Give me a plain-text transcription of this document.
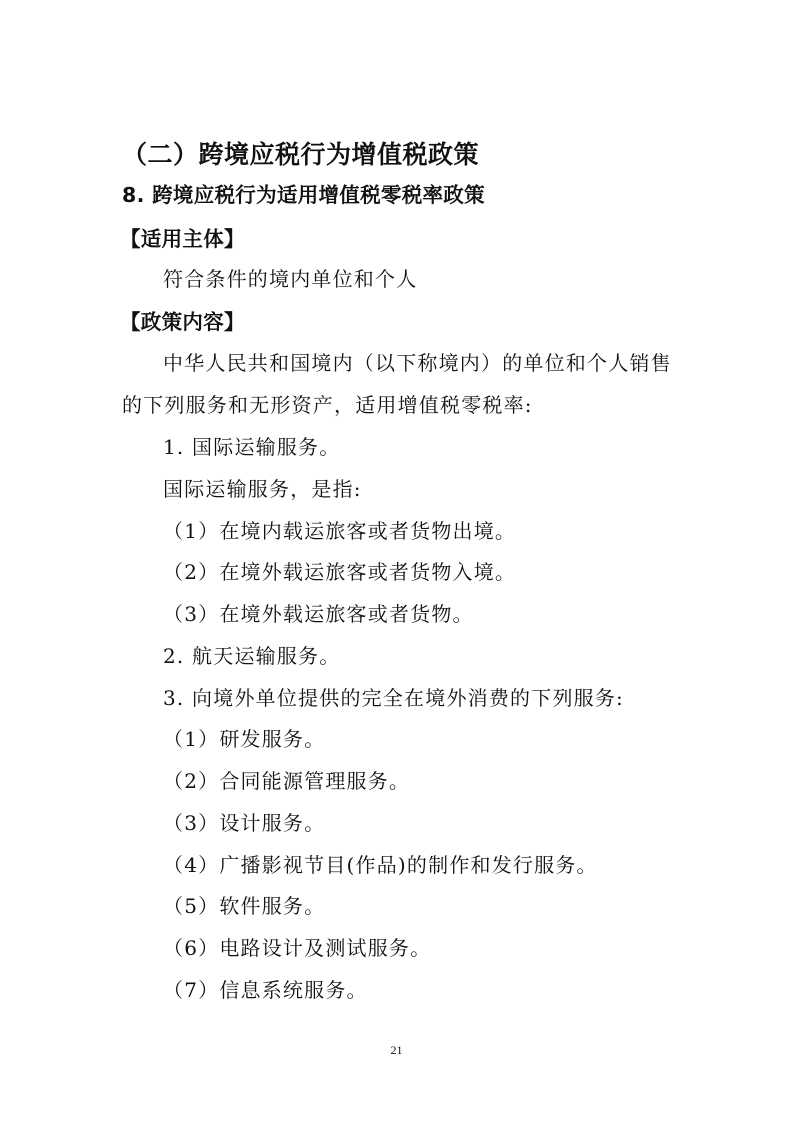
（二）跨境应税行为增值税政策
8. 跨境应税行为适用增值税零税率政策
【适用主体】
符合条件的境内单位和个人
【政策内容】
中华人民共和国境内（以下称境内）的单位和个人销售
的下列服务和无形资产，适用增值税零税率:
1. 国际运输服务。
国际运输服务，是指:
（1）在境内载运旅客或者货物出境。
（2）在境外载运旅客或者货物入境。
（3）在境外载运旅客或者货物。
2. 航天运输服务。
3. 向境外单位提供的完全在境外消费的下列服务:
（1）研发服务。
（2）合同能源管理服务。
（3）设计服务。
（4）广播影视节目(作品)的制作和发行服务。
（5）软件服务。
（6）电路设计及测试服务。
（7）信息系统服务。
21
